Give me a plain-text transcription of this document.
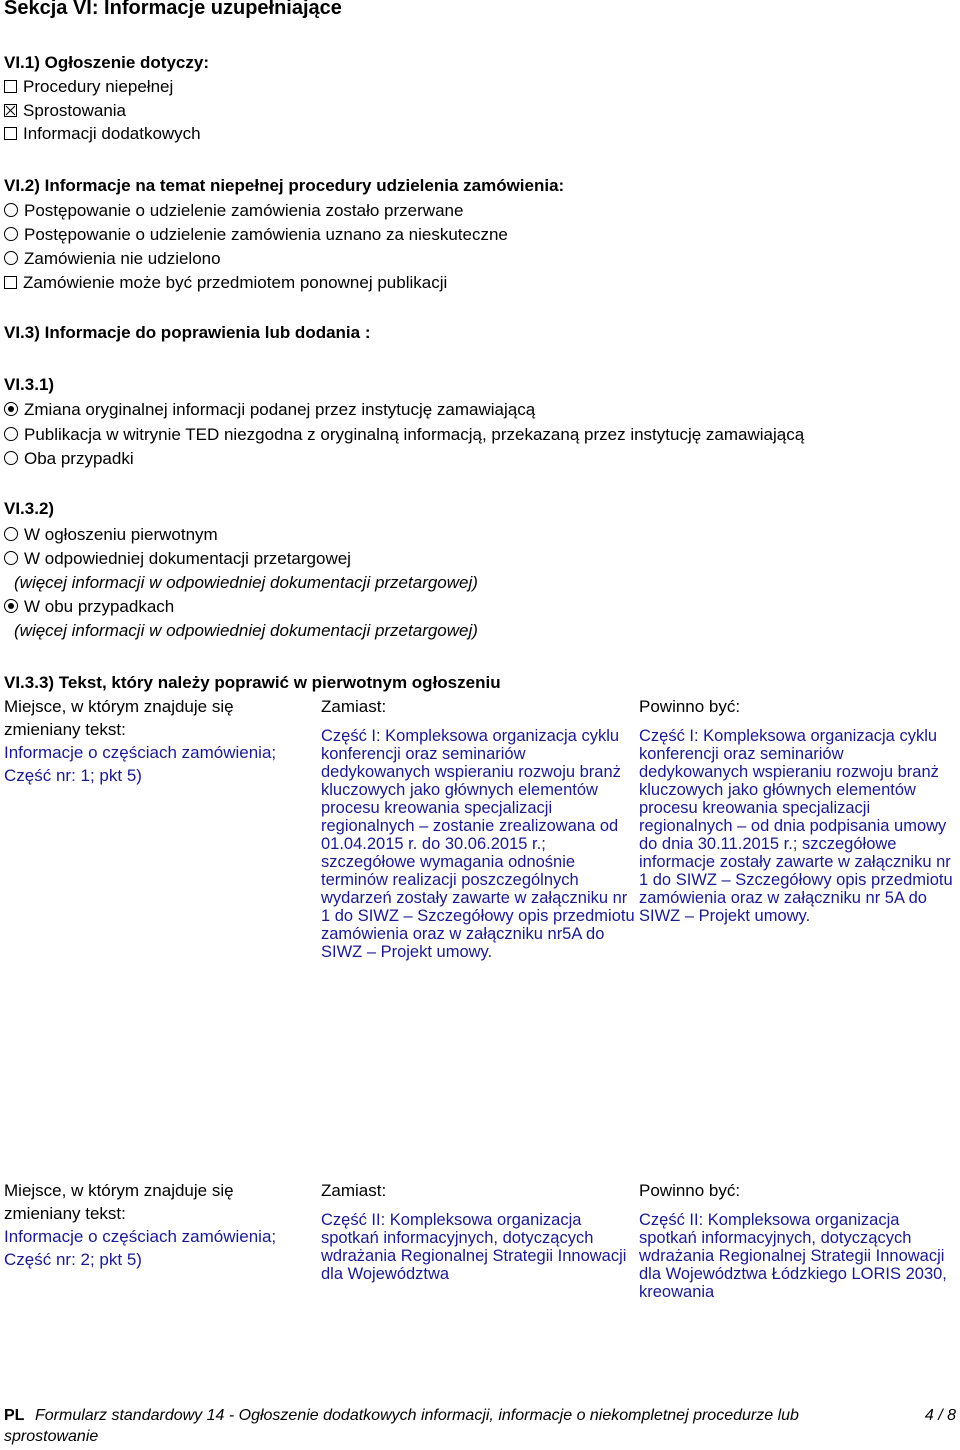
Sekcja VI: Informacje uzupełniające
VI.1) Ogłoszenie dotyczy:
Procedury niepełnej
Sprostowania
Informacji dodatkowych
VI.2) Informacje na temat niepełnej procedury udzielenia zamówienia:
Postępowanie o udzielenie zamówienia zostało przerwane
Postępowanie o udzielenie zamówienia uznano za nieskuteczne
Zamówienia nie udzielono
Zamówienie może być przedmiotem ponownej publikacji
VI.3) Informacje do poprawienia lub dodania :
VI.3.1)
Zmiana oryginalnej informacji podanej przez instytucję zamawiającą
Publikacja w witrynie TED niezgodna z oryginalną informacją, przekazaną przez instytucję zamawiającą
Oba przypadki
VI.3.2)
W ogłoszeniu pierwotnym
W odpowiedniej dokumentacji przetargowej
(więcej informacji w odpowiedniej dokumentacji przetargowej)
W obu przypadkach
(więcej informacji w odpowiedniej dokumentacji przetargowej)
VI.3.3) Tekst, który należy poprawić w pierwotnym ogłoszeniu
Miejsce, w którym znajduje się
zmieniany tekst:
Informacje o częściach zamówienia;
Część nr: 1; pkt 5)
Zamiast:
Część I: Kompleksowa organizacja cyklu konferencji oraz seminariów dedykowanych wspieraniu rozwoju branż kluczowych jako głównych elementów procesu kreowania specjalizacji regionalnych – zostanie zrealizowana od 01.04.2015 r. do 30.06.2015 r.; szczegółowe wymagania odnośnie terminów realizacji poszczególnych wydarzeń zostały zawarte w załączniku nr 1 do SIWZ – Szczegółowy opis przedmiotu zamówienia oraz w załączniku nr5A do SIWZ – Projekt umowy.
Powinno być:
Część I: Kompleksowa organizacja cyklu konferencji oraz seminariów dedykowanych wspieraniu rozwoju branż kluczowych jako głównych elementów procesu kreowania specjalizacji regionalnych – od dnia podpisania umowy do dnia 30.11.2015 r.; szczegółowe informacje zostały zawarte w załączniku nr 1 do SIWZ – Szczegółowy opis przedmiotu zamówienia oraz w załączniku nr 5A do SIWZ – Projekt umowy.
Miejsce, w którym znajduje się
zmieniany tekst:
Informacje o częściach zamówienia;
Część nr: 2; pkt 5)
Zamiast:
Część II: Kompleksowa organizacja spotkań informacyjnych, dotyczących wdrażania Regionalnej Strategii Innowacji dla Województwa
Powinno być:
Część II: Kompleksowa organizacja spotkań informacyjnych, dotyczących wdrażania Regionalnej Strategii Innowacji dla Województwa Łódzkiego LORIS 2030, kreowania
PL Formularz standardowy 14 - Ogłoszenie dodatkowych informacji, informacje o niekompletnej procedurze lub
sprostowanie
4 / 8
